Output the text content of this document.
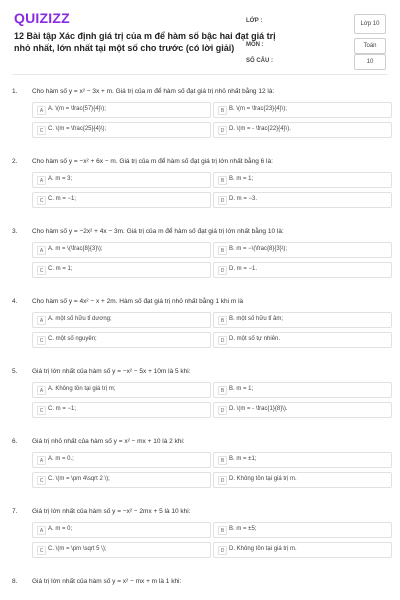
QUIZIZZ
12 Bài tập Xác định giá trị của m để hàm số bậc hai đạt giá trị nhỏ nhất, lớn nhất tại một số cho trước (có lời giải)
LỚP :	Lớp 10
MÔN :	Toán
SỐ CÂU :	10
1. Cho hàm số y = x² − 3x + m. Giá trị của m để hàm số đạt giá trị nhỏ nhất bằng 12 là:
A A. \(m = \frac{57}{4}\);	B B. \(m = \frac{23}{4}\);
C C. \(m = \frac{25}{4}\);	D D. \(m = - \frac{22}{4}\).
2. Cho hàm số y = −x² + 6x − m. Giá trị của m để hàm số đạt giá trị lớn nhất bằng 6 là:
A A. m = 3;	B B. m = 1;
C C. m = −1;	D D. m = −3.
3. Cho hàm số y = −2x² + 4x − 3m. Giá trị của m để hàm số đạt giá trị lớn nhất bằng 10 là:
A A. m = \(\frac{8}{3}\);	B B. m = −\(\frac{8}{3}\);
C C. m = 1;	D D. m = −1.
4. Cho hàm số y = 4x² − x + 2m. Hàm số đạt giá trị nhỏ nhất bằng 1 khi m là
A A. một số hữu tỉ dương;	B B. một số hữu tỉ âm;
C C. một số nguyên;	D D. một số tự nhiên.
5. Giá trị lớn nhất của hàm số y = −x² − 5x + 10m là 5 khi:
A A. Không tồn tại giá trị m;	B B. m = 1;
C C. m = −1;	D D. \(m = - \frac{1}{8}\).
6. Giá trị nhỏ nhất của hàm số y = x² − mx + 10 là 2 khi:
A A. m = 0.;	B B. m = ±1;
C C. \(m = \pm 4\sqrt 2 \);	D D. Không tồn tại giá trị m.
7. Giá trị lớn nhất của hàm số y = −x² − 2mx + 5 là 10 khi:
A A. m = 0;	B B. m = ±5;
C C. \(m = \pm \sqrt 5 \);	D D. Không tồn tại giá trị m.
8. Giá trị lớn nhất của hàm số y = x² − mx + m là 1 khi:
